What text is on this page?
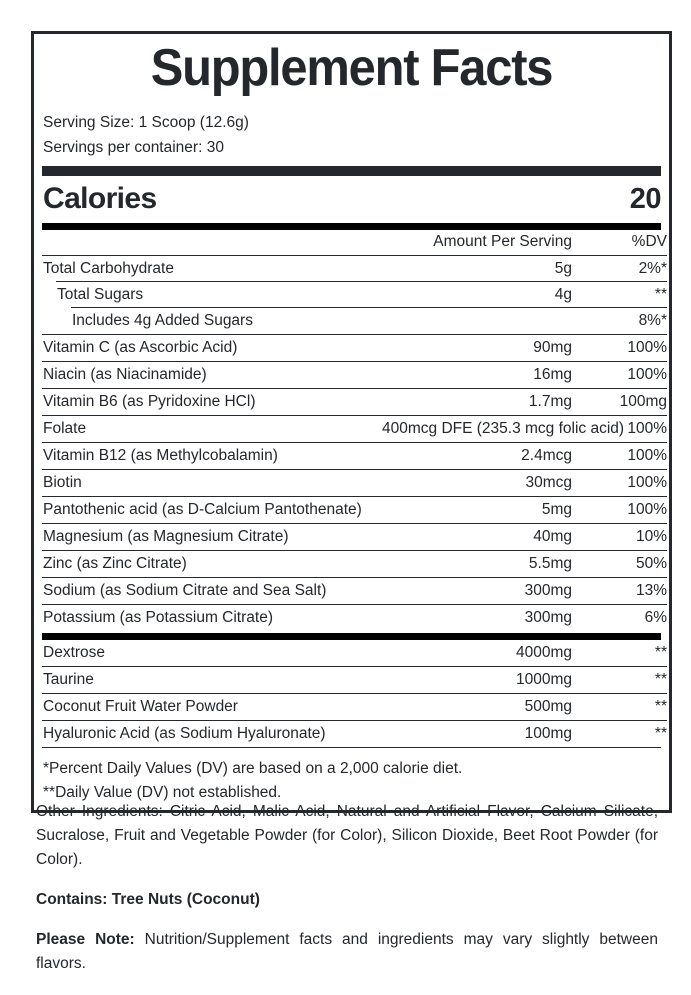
Supplement Facts
Serving Size: 1 Scoop (12.6g)
Servings per container: 30
Calories	20
	Amount Per Serving	%DV
Total Carbohydrate	5g	2%*
Total Sugars	4g	**
Includes 4g Added Sugars		8%*
Vitamin C (as Ascorbic Acid)	90mg	100%
Niacin (as Niacinamide)	16mg	100%
Vitamin B6 (as Pyridoxine HCl)	1.7mg	100mg
Folate	400mcg DFE (235.3 mcg folic acid)	100%
Vitamin B12 (as Methylcobalamin)	2.4mcg	100%
Biotin	30mcg	100%
Pantothenic acid (as D-Calcium Pantothenate)	5mg	100%
Magnesium (as Magnesium Citrate)	40mg	10%
Zinc (as Zinc Citrate)	5.5mg	50%
Sodium (as Sodium Citrate and Sea Salt)	300mg	13%
Potassium (as Potassium Citrate)	300mg	6%
Dextrose	4000mg	**
Taurine	1000mg	**
Coconut Fruit Water Powder	500mg	**
Hyaluronic Acid (as Sodium Hyaluronate)	100mg	**
*Percent Daily Values (DV) are based on a 2,000 calorie diet.
**Daily Value (DV) not established.

Other Ingredients: Citric Acid, Malic Acid, Natural and Artificial Flavor, Calcium Silicate, Sucralose, Fruit and Vegetable Powder (for Color), Silicon Dioxide, Beet Root Powder (for Color).

Contains: Tree Nuts (Coconut)

Please Note: Nutrition/Supplement facts and ingredients may vary slightly between flavors.
